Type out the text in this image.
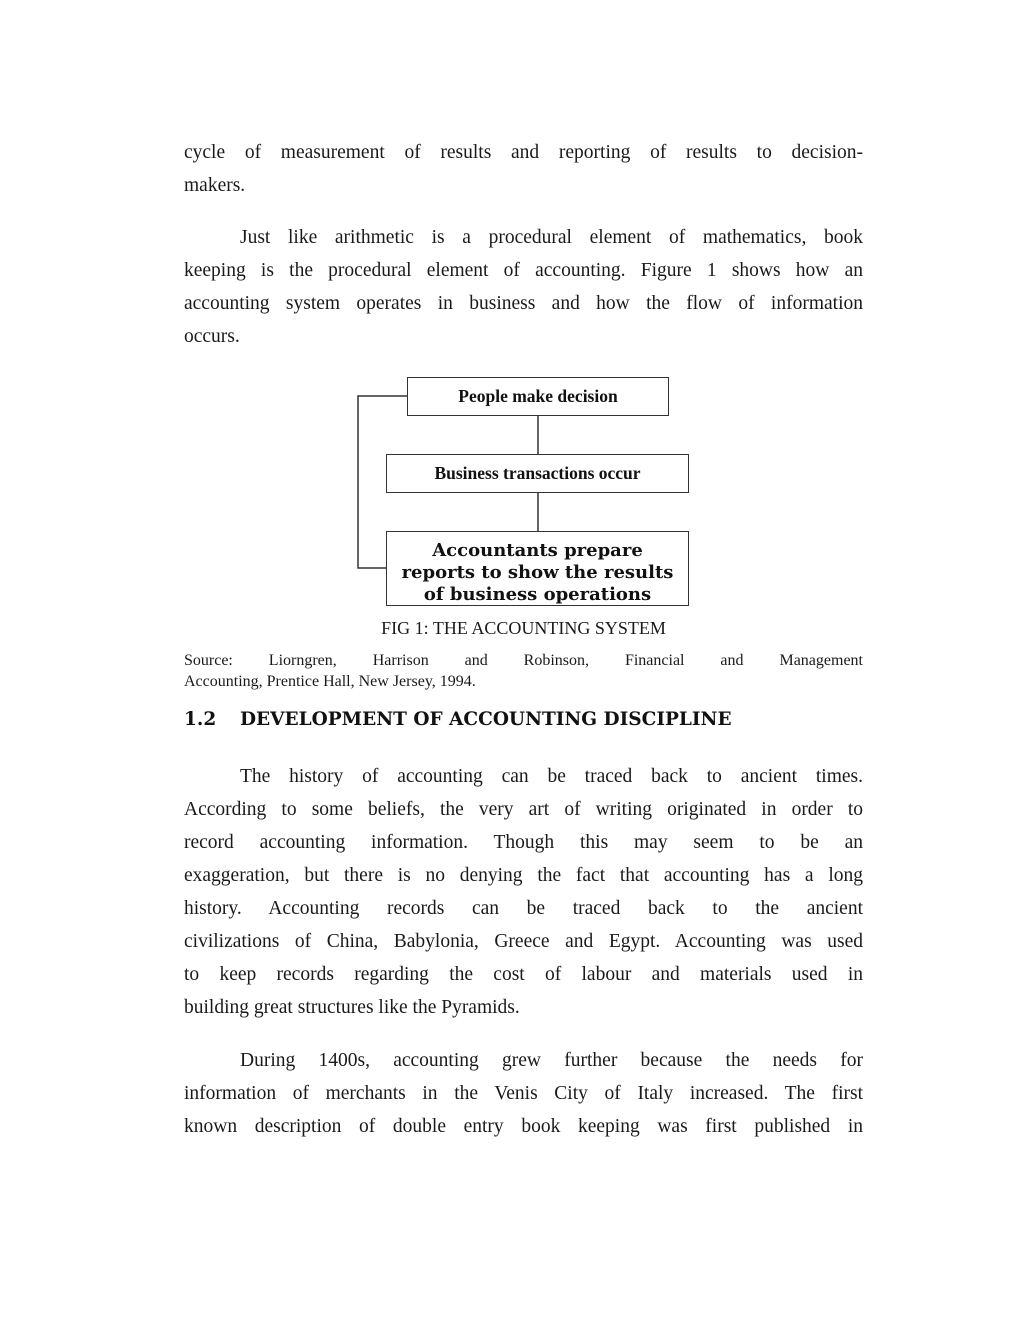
cycle of measurement of results and reporting of results to decision-
makers.
Just like arithmetic is a procedural element of mathematics, book
keeping is the procedural element of accounting. Figure 1 shows how an
accounting system operates in business and how the flow of information
occurs.
People make decision
Business transactions occur
Accountants prepare
reports to show the results
of business operations
FIG 1: THE ACCOUNTING SYSTEM
Source: Liorngren, Harrison and Robinson, Financial and Management
Accounting, Prentice Hall, New Jersey, 1994.
1.2 DEVELOPMENT OF ACCOUNTING DISCIPLINE
The history of accounting can be traced back to ancient times.
According to some beliefs, the very art of writing originated in order to
record accounting information. Though this may seem to be an
exaggeration, but there is no denying the fact that accounting has a long
history. Accounting records can be traced back to the ancient
civilizations of China, Babylonia, Greece and Egypt. Accounting was used
to keep records regarding the cost of labour and materials used in
building great structures like the Pyramids.
During 1400s, accounting grew further because the needs for
information of merchants in the Venis City of Italy increased. The first
known description of double entry book keeping was first published in
